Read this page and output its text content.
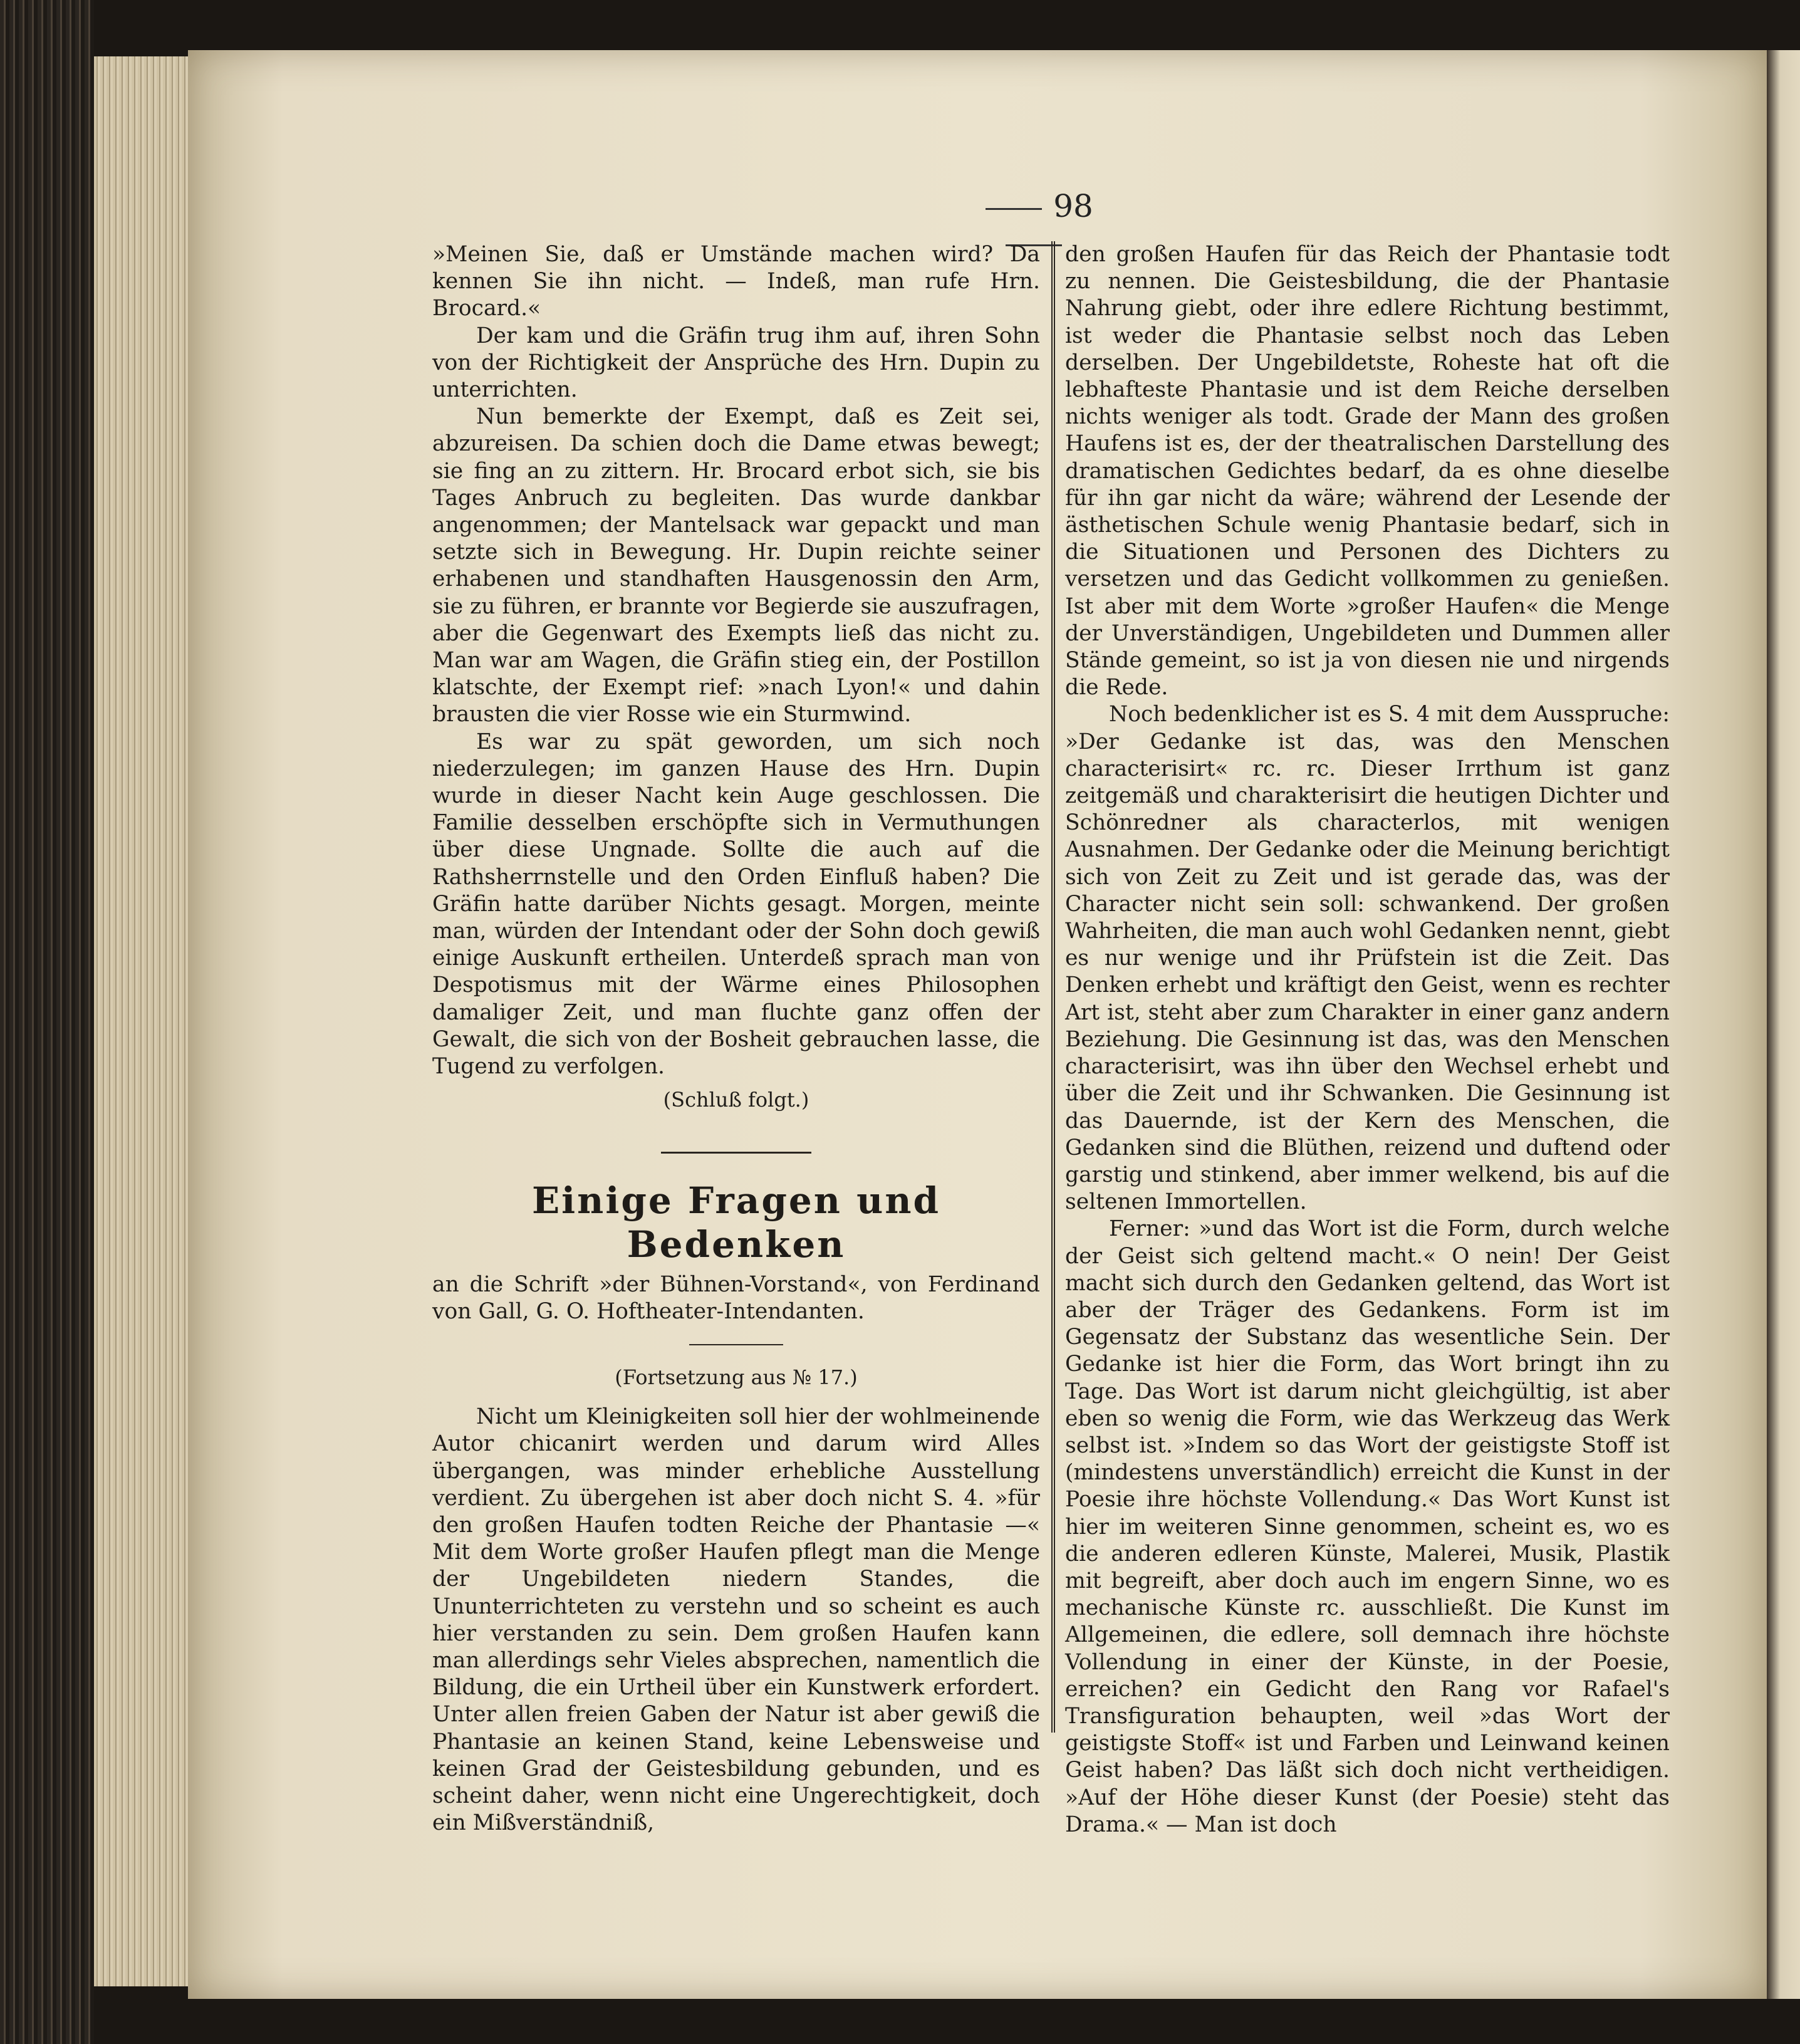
98

»Meinen Sie, daß er Umstände machen wird? Da kennen Sie ihn nicht. — Indeß, man rufe Hrn. Brocard.«

Der kam und die Gräfin trug ihm auf, ihren Sohn von der Richtigkeit der Ansprüche des Hrn. Dupin zu unterrichten.

Nun bemerkte der Exempt, daß es Zeit sei, abzureisen. Da schien doch die Dame etwas bewegt; sie fing an zu zittern. Hr. Brocard erbot sich, sie bis Tages Anbruch zu begleiten. Das wurde dankbar angenommen; der Mantelsack war gepackt und man setzte sich in Bewegung. Hr. Dupin reichte seiner erhabenen und standhaften Hausgenossin den Arm, sie zu führen, er brannte vor Begierde sie auszufragen, aber die Gegenwart des Exempts ließ das nicht zu. Man war am Wagen, die Gräfin stieg ein, der Postillon klatschte, der Exempt rief: »nach Lyon!« und dahin brausten die vier Rosse wie ein Sturmwind.

Es war zu spät geworden, um sich noch niederzulegen; im ganzen Hause des Hrn. Dupin wurde in dieser Nacht kein Auge geschlossen. Die Familie desselben erschöpfte sich in Vermuthungen über diese Ungnade. Sollte die auch auf die Rathsherrnstelle und den Orden Einfluß haben? Die Gräfin hatte darüber Nichts gesagt. Morgen, meinte man, würden der Intendant oder der Sohn doch gewiß einige Auskunft ertheilen. Unterdeß sprach man von Despotismus mit der Wärme eines Philosophen damaliger Zeit, und man fluchte ganz offen der Gewalt, die sich von der Bosheit gebrauchen lasse, die Tugend zu verfolgen.

(Schluß folgt.)

Einige Fragen und Bedenken

an die Schrift »der Bühnen-Vorstand«, von Ferdinand von Gall, G. O. Hoftheater-Intendanten.

(Fortsetzung aus № 17.)

Nicht um Kleinigkeiten soll hier der wohlmeinende Autor chicanirt werden und darum wird Alles übergangen, was minder erhebliche Ausstellung verdient. Zu übergehen ist aber doch nicht S. 4. »für den großen Haufen todten Reiche der Phantasie —« Mit dem Worte großer Haufen pflegt man die Menge der Ungebildeten niedern Standes, die Ununterrichteten zu verstehn und so scheint es auch hier verstanden zu sein. Dem großen Haufen kann man allerdings sehr Vieles absprechen, namentlich die Bildung, die ein Urtheil über ein Kunstwerk erfordert. Unter allen freien Gaben der Natur ist aber gewiß die Phantasie an keinen Stand, keine Lebensweise und keinen Grad der Geistesbildung gebunden, und es scheint daher, wenn nicht eine Ungerechtigkeit, doch ein Mißverständniß,

den großen Haufen für das Reich der Phantasie todt zu nennen. Die Geistesbildung, die der Phantasie Nahrung giebt, oder ihre edlere Richtung bestimmt, ist weder die Phantasie selbst noch das Leben derselben. Der Ungebildetste, Roheste hat oft die lebhafteste Phantasie und ist dem Reiche derselben nichts weniger als todt. Grade der Mann des großen Haufens ist es, der der theatralischen Darstellung des dramatischen Gedichtes bedarf, da es ohne dieselbe für ihn gar nicht da wäre; während der Lesende der ästhetischen Schule wenig Phantasie bedarf, sich in die Situationen und Personen des Dichters zu versetzen und das Gedicht vollkommen zu genießen. Ist aber mit dem Worte »großer Haufen« die Menge der Unverständigen, Ungebildeten und Dummen aller Stände gemeint, so ist ja von diesen nie und nirgends die Rede.

Noch bedenklicher ist es S. 4 mit dem Ausspruche: »Der Gedanke ist das, was den Menschen characterisirt« rc. rc. Dieser Irrthum ist ganz zeitgemäß und charakterisirt die heutigen Dichter und Schönredner als characterlos, mit wenigen Ausnahmen. Der Gedanke oder die Meinung berichtigt sich von Zeit zu Zeit und ist gerade das, was der Character nicht sein soll: schwankend. Der großen Wahrheiten, die man auch wohl Gedanken nennt, giebt es nur wenige und ihr Prüfstein ist die Zeit. Das Denken erhebt und kräftigt den Geist, wenn es rechter Art ist, steht aber zum Charakter in einer ganz andern Beziehung. Die Gesinnung ist das, was den Menschen characterisirt, was ihn über den Wechsel erhebt und über die Zeit und ihr Schwanken. Die Gesinnung ist das Dauernde, ist der Kern des Menschen, die Gedanken sind die Blüthen, reizend und duftend oder garstig und stinkend, aber immer welkend, bis auf die seltenen Immortellen.

Ferner: »und das Wort ist die Form, durch welche der Geist sich geltend macht.« O nein! Der Geist macht sich durch den Gedanken geltend, das Wort ist aber der Träger des Gedankens. Form ist im Gegensatz der Substanz das wesentliche Sein. Der Gedanke ist hier die Form, das Wort bringt ihn zu Tage. Das Wort ist darum nicht gleichgültig, ist aber eben so wenig die Form, wie das Werkzeug das Werk selbst ist. »Indem so das Wort der geistigste Stoff ist (mindestens unverständlich) erreicht die Kunst in der Poesie ihre höchste Vollendung.« Das Wort Kunst ist hier im weiteren Sinne genommen, scheint es, wo es die anderen edleren Künste, Malerei, Musik, Plastik mit begreift, aber doch auch im engern Sinne, wo es mechanische Künste rc. ausschließt. Die Kunst im Allgemeinen, die edlere, soll demnach ihre höchste Vollendung in einer der Künste, in der Poesie, erreichen? ein Gedicht den Rang vor Rafael's Transfiguration behaupten, weil »das Wort der geistigste Stoff« ist und Farben und Leinwand keinen Geist haben? Das läßt sich doch nicht vertheidigen. »Auf der Höhe dieser Kunst (der Poesie) steht das Drama.« — Man ist doch
